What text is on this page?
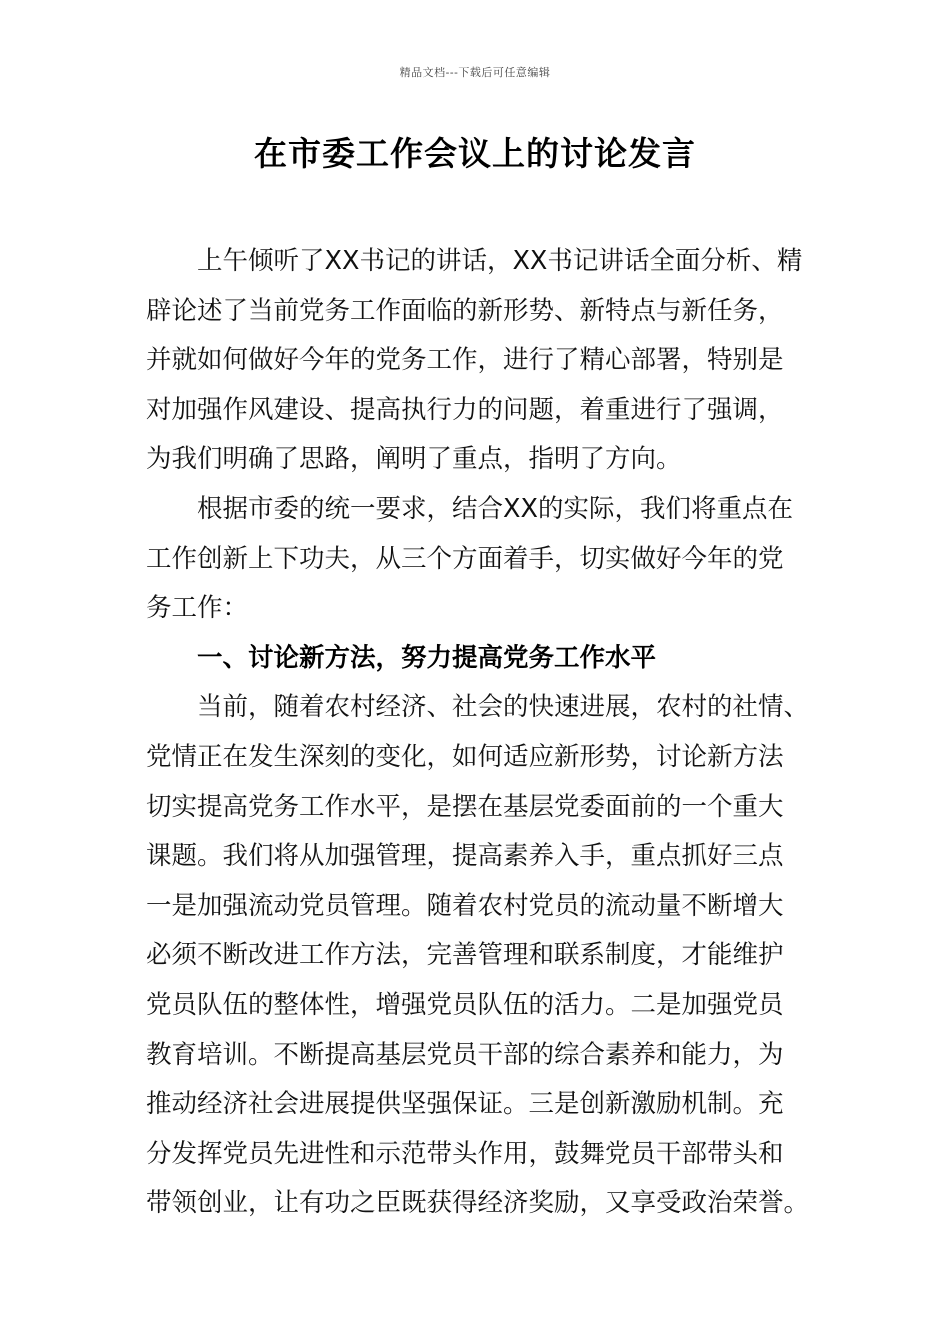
精品文档---下载后可任意编辑
在市委工作会议上的讨论发言
上午倾听了XX书记的讲话，XX书记讲话全面分析、精
辟论述了当前党务工作面临的新形势、新特点与新任务，
并就如何做好今年的党务工作，进行了精心部署，特别是
对加强作风建设、提高执行力的问题，着重进行了强调，
为我们明确了思路，阐明了重点，指明了方向。
根据市委的统一要求，结合XX的实际，我们将重点在
工作创新上下功夫，从三个方面着手，切实做好今年的党
务工作：
一、讨论新方法，努力提高党务工作水平
当前，随着农村经济、社会的快速进展，农村的社情、
党情正在发生深刻的变化，如何适应新形势，讨论新方法
切实提高党务工作水平，是摆在基层党委面前的一个重大
课题。我们将从加强管理，提高素养入手，重点抓好三点
一是加强流动党员管理。随着农村党员的流动量不断增大
必须不断改进工作方法，完善管理和联系制度，才能维护
党员队伍的整体性，增强党员队伍的活力。二是加强党员
教育培训。不断提高基层党员干部的综合素养和能力，为
推动经济社会进展提供坚强保证。三是创新激励机制。充
分发挥党员先进性和示范带头作用，鼓舞党员干部带头和
带领创业，让有功之臣既获得经济奖励，又享受政治荣誉。
